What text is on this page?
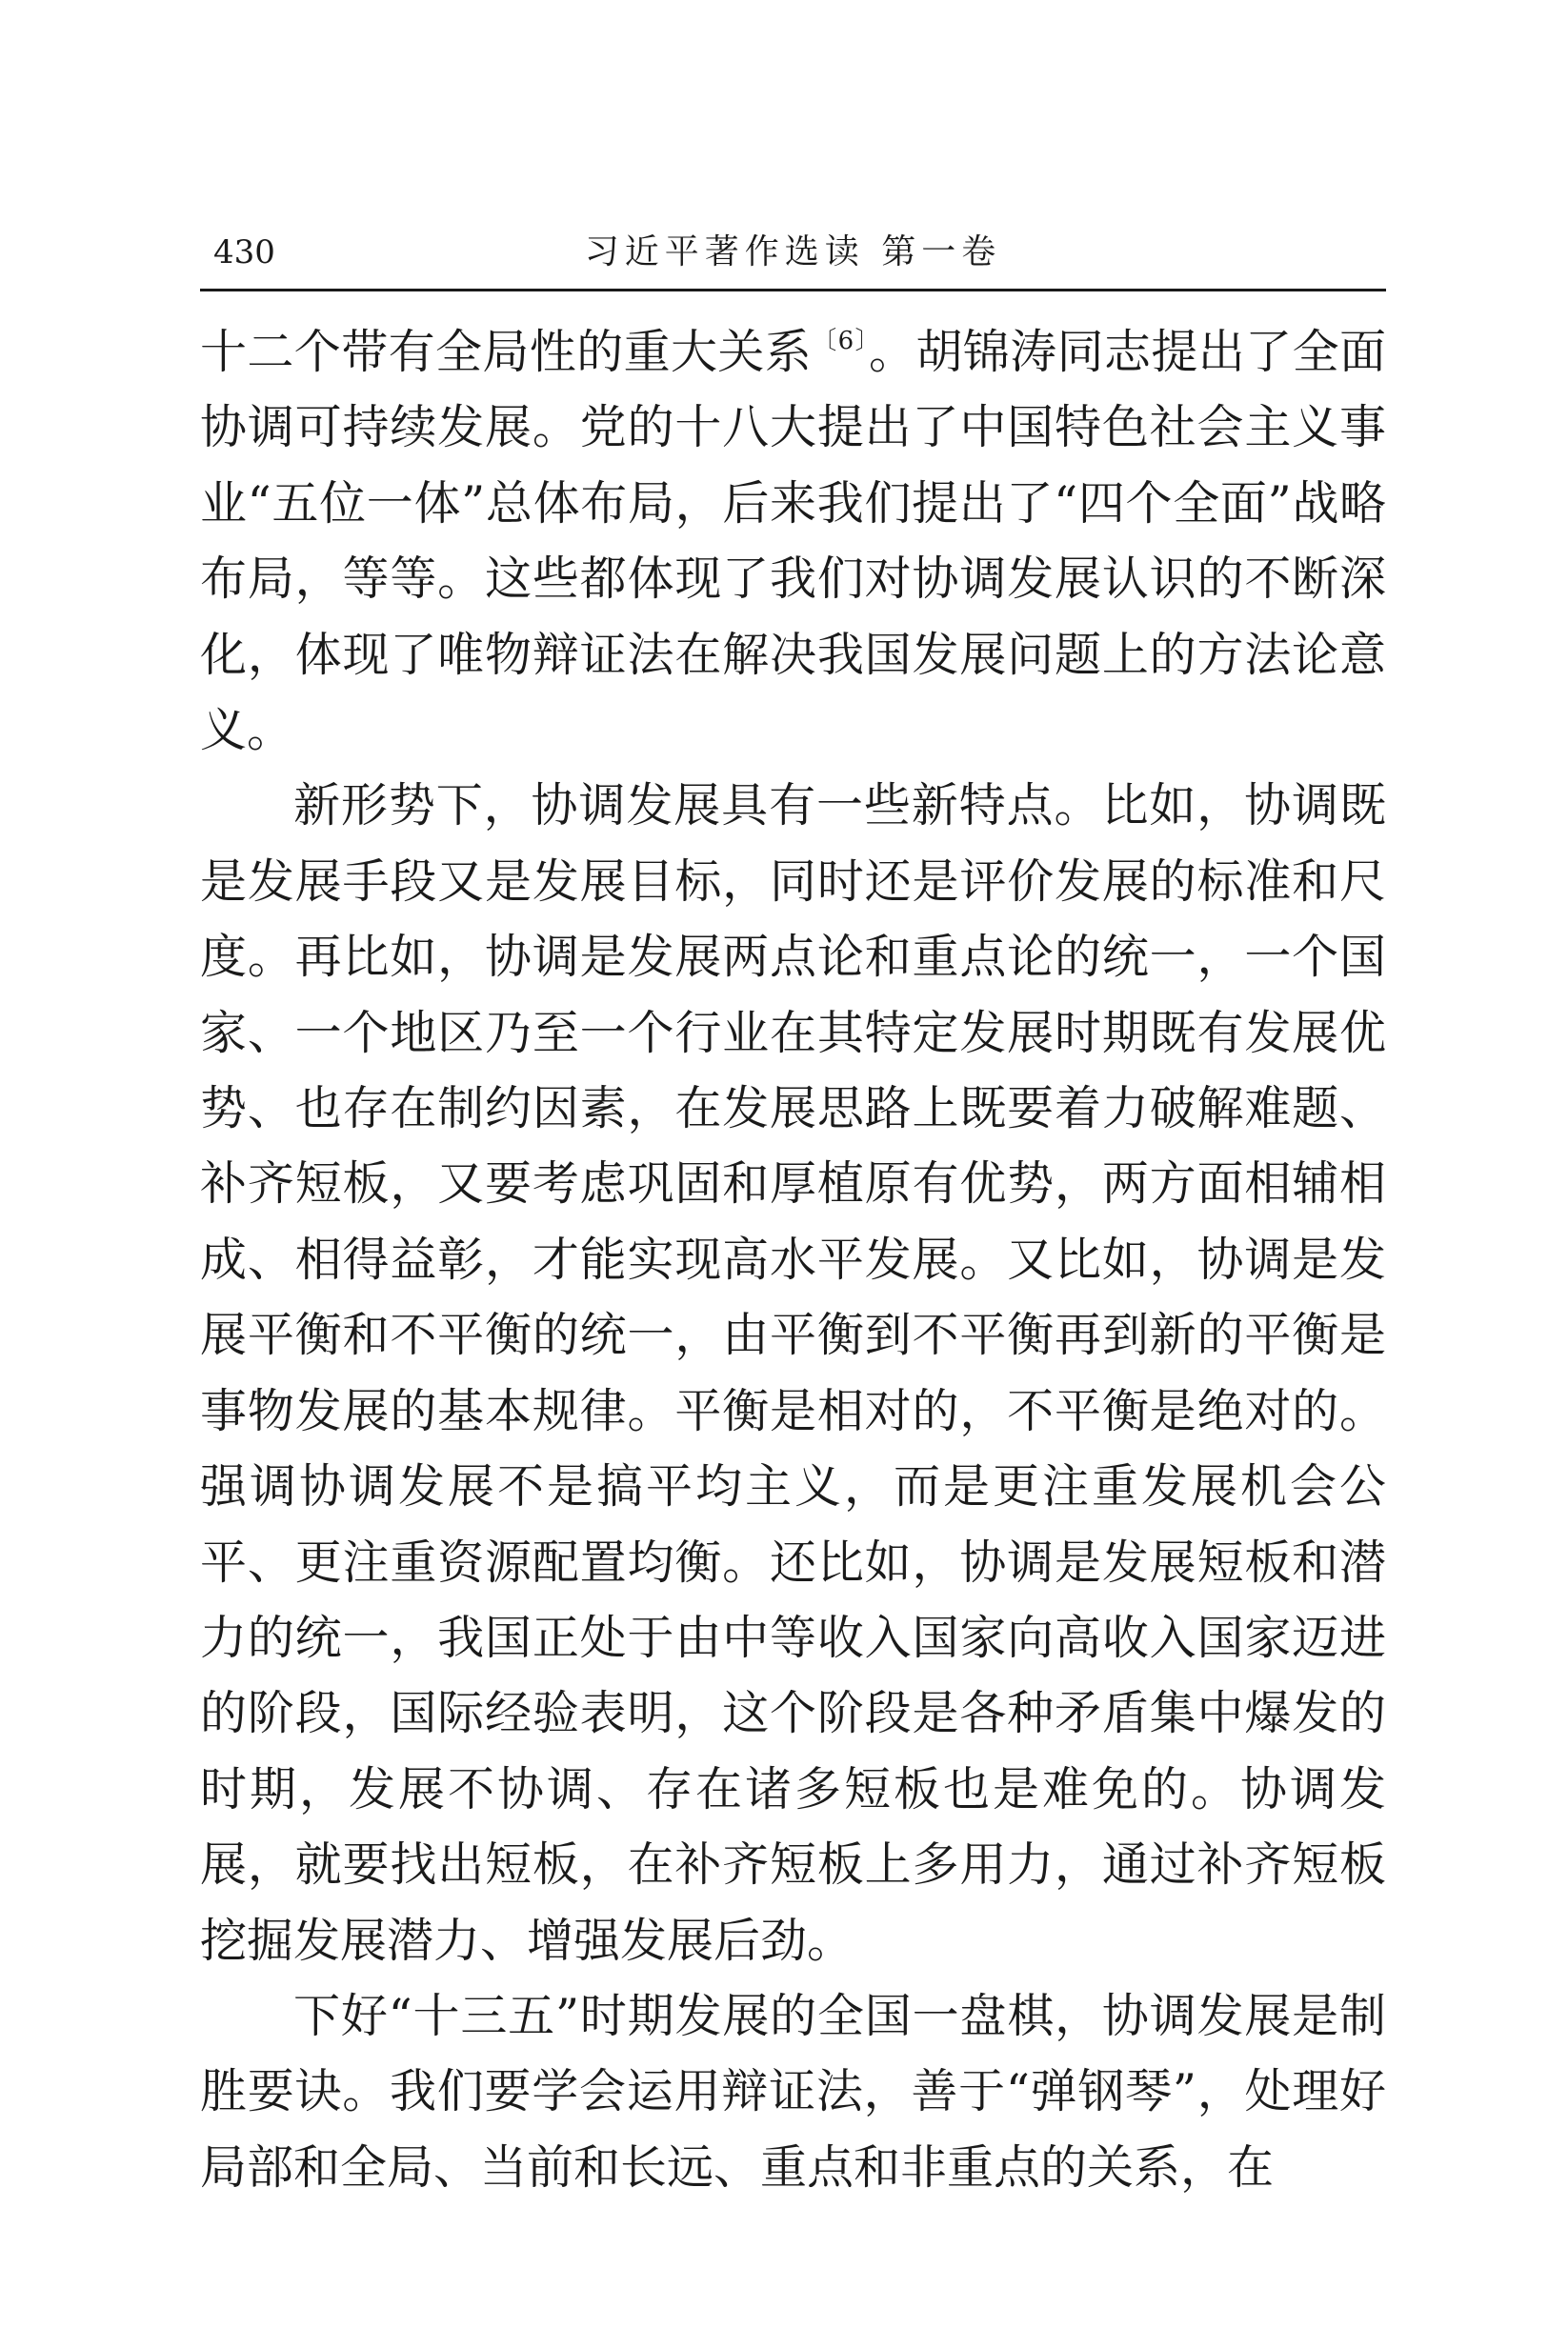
430	习近平著作选读 第一卷

十二个带有全局性的重大关系$^{〔6〕}$。胡锦涛同志提出了全面协调可持续发展。党的十八大提出了中国特色社会主义事业“五位一体”总体布局，后来我们提出了“四个全面”战略布局，等等。这些都体现了我们对协调发展认识的不断深化，体现了唯物辩证法在解决我国发展问题上的方法论意义。

新形势下，协调发展具有一些新特点。比如，协调既是发展手段又是发展目标，同时还是评价发展的标准和尺度。再比如，协调是发展两点论和重点论的统一，一个国家、一个地区乃至一个行业在其特定发展时期既有发展优势、也存在制约因素，在发展思路上既要着力破解难题、补齐短板，又要考虑巩固和厚植原有优势，两方面相辅相成、相得益彰，才能实现高水平发展。又比如，协调是发展平衡和不平衡的统一，由平衡到不平衡再到新的平衡是事物发展的基本规律。平衡是相对的，不平衡是绝对的。强调协调发展不是搞平均主义，而是更注重发展机会公平、更注重资源配置均衡。还比如，协调是发展短板和潜力的统一，我国正处于由中等收入国家向高收入国家迈进的阶段，国际经验表明，这个阶段是各种矛盾集中爆发的时期，发展不协调、存在诸多短板也是难免的。协调发展，就要找出短板，在补齐短板上多用力，通过补齐短板挖掘发展潜力、增强发展后劲。

下好“十三五”时期发展的全国一盘棋，协调发展是制胜要诀。我们要学会运用辩证法，善于“弹钢琴”，处理好局部和全局、当前和长远、重点和非重点的关系，在
